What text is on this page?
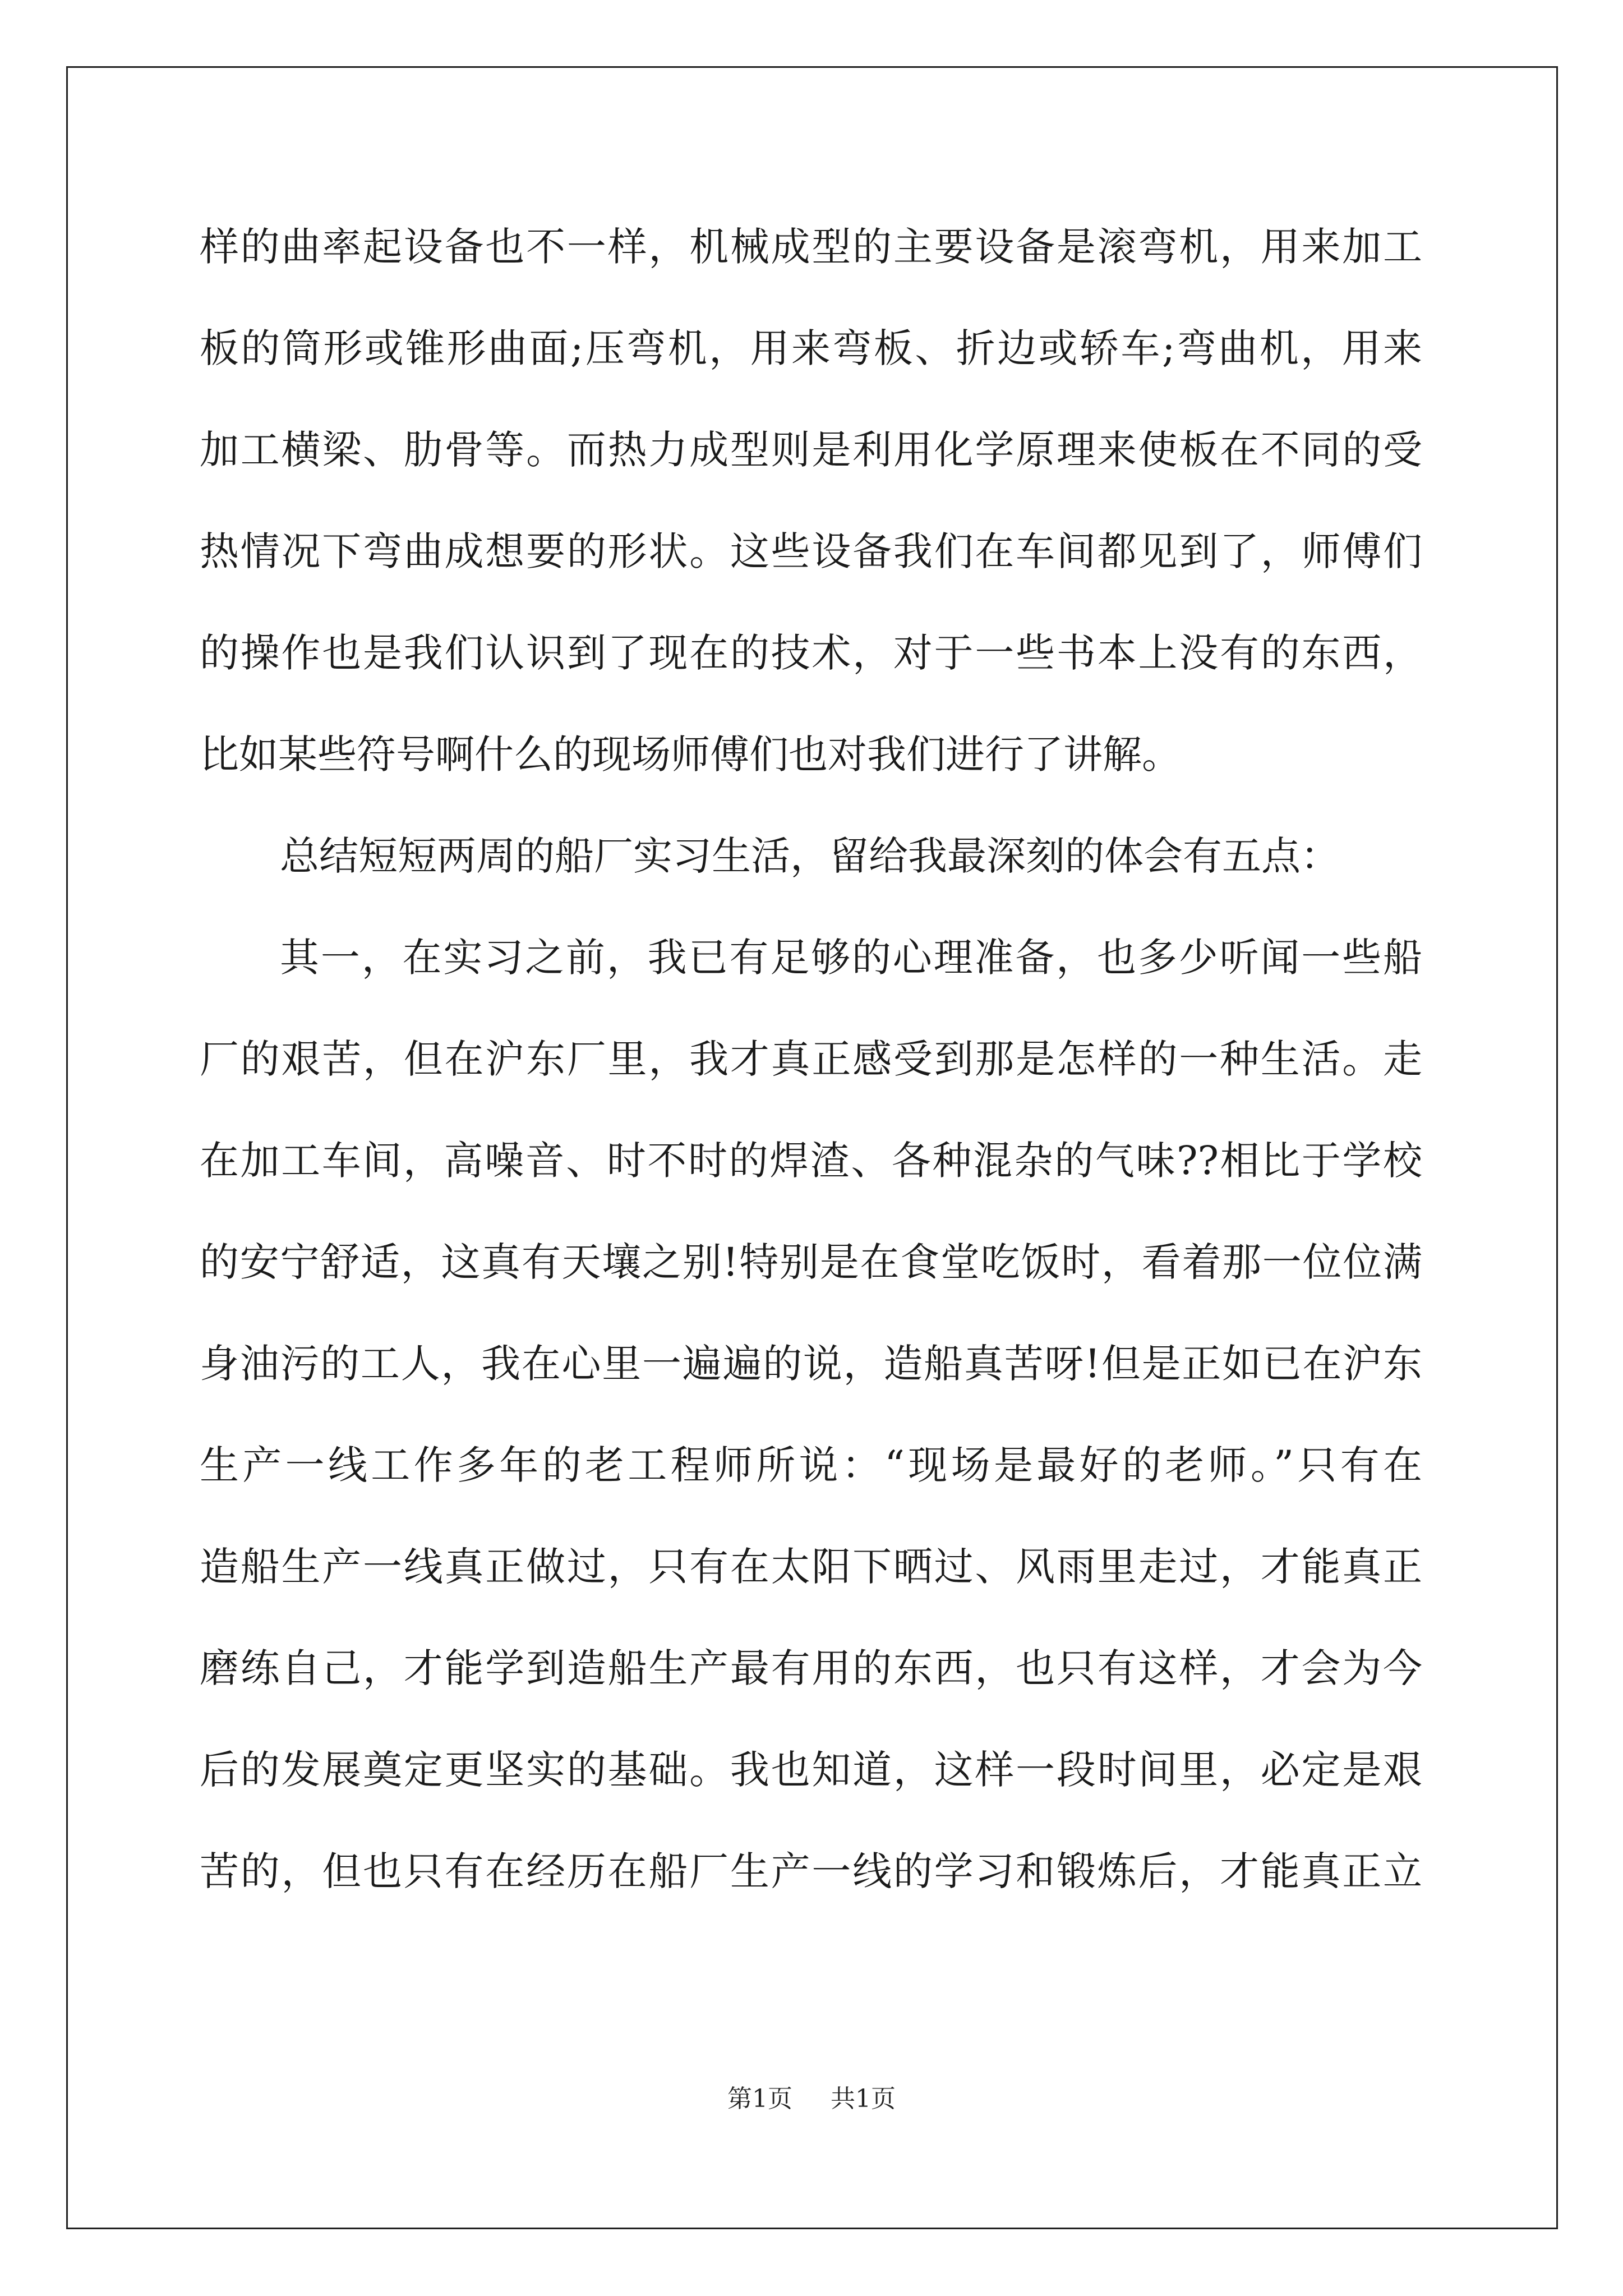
样的曲率起设备也不一样，机械成型的主要设备是滚弯机，用来加工
板的筒形或锥形曲面;压弯机，用来弯板、折边或轿车;弯曲机，用来
加工横梁、肋骨等。而热力成型则是利用化学原理来使板在不同的受
热情况下弯曲成想要的形状。这些设备我们在车间都见到了，师傅们
的操作也是我们认识到了现在的技术，对于一些书本上没有的东西，
比如某些符号啊什么的现场师傅们也对我们进行了讲解。
总结短短两周的船厂实习生活，留给我最深刻的体会有五点：
其一，在实习之前，我已有足够的心理准备，也多少听闻一些船
厂的艰苦，但在沪东厂里，我才真正感受到那是怎样的一种生活。走
在加工车间，高噪音、时不时的焊渣、各种混杂的气味??相比于学校
的安宁舒适，这真有天壤之别!特别是在食堂吃饭时，看着那一位位满
身油污的工人，我在心里一遍遍的说，造船真苦呀!但是正如已在沪东
生产一线工作多年的老工程师所说：“现场是最好的老师。”只有在
造船生产一线真正做过，只有在太阳下晒过、风雨里走过，才能真正
磨练自己，才能学到造船生产最有用的东西，也只有这样，才会为今
后的发展奠定更坚实的基础。我也知道，这样一段时间里，必定是艰
苦的，但也只有在经历在船厂生产一线的学习和锻炼后，才能真正立
第1页 共1页
